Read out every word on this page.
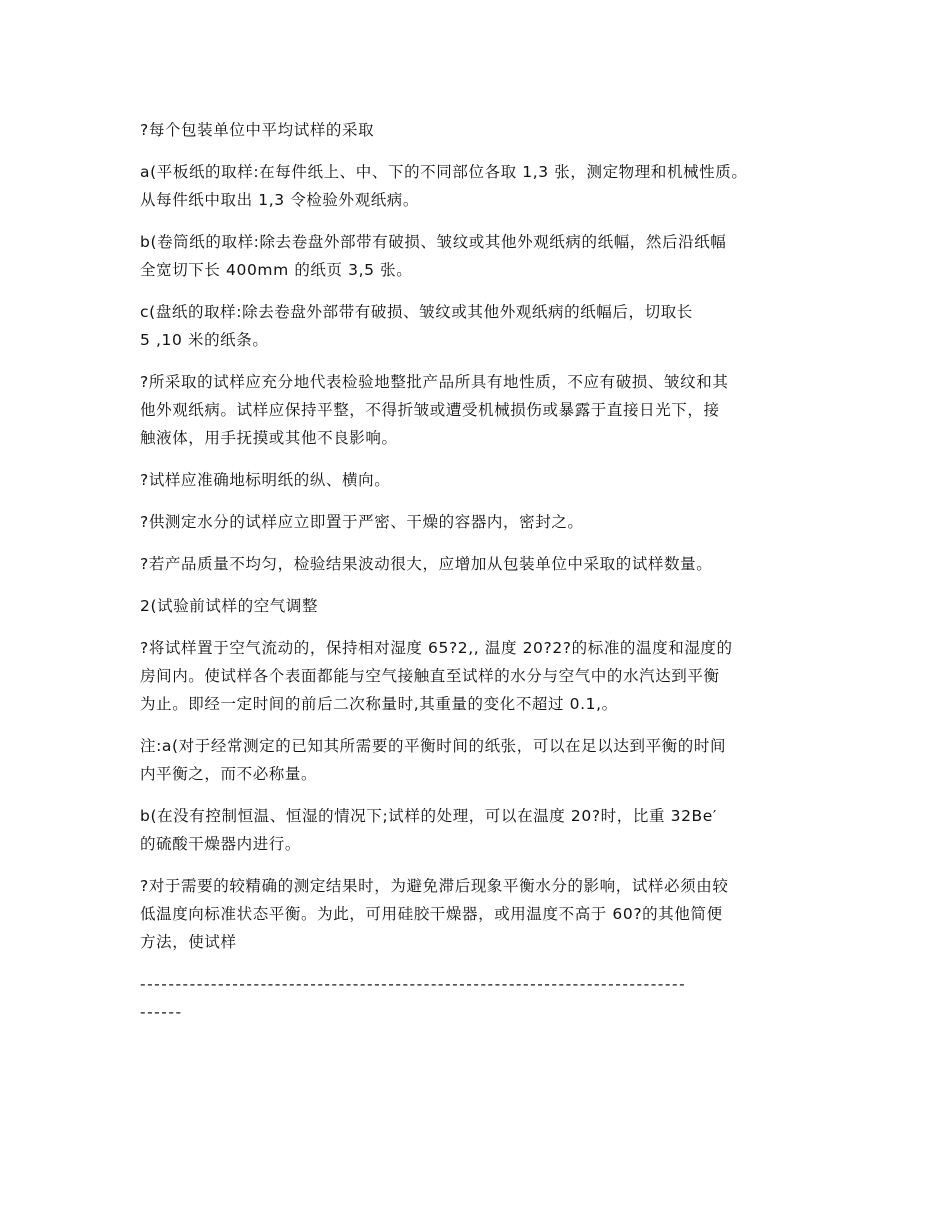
?每个包装单位中平均试样的采取

a(平板纸的取样:在每件纸上、中、下的不同部位各取 1,3 张，测定物理和机械性质。
从每件纸中取出 1,3 令检验外观纸病。

b(卷筒纸的取样:除去卷盘外部带有破损、皱纹或其他外观纸病的纸幅，然后沿纸幅
全宽切下长 400mm 的纸页 3,5 张。

c(盘纸的取样:除去卷盘外部带有破损、皱纹或其他外观纸病的纸幅后，切取长
5 ,10 米的纸条。

?所采取的试样应充分地代表检验地整批产品所具有地性质，不应有破损、皱纹和其
他外观纸病。试样应保持平整，不得折皱或遭受机械损伤或暴露于直接日光下，接
触液体，用手抚摸或其他不良影响。

?试样应准确地标明纸的纵、横向。

?供测定水分的试样应立即置于严密、干燥的容器内，密封之。

?若产品质量不均匀，检验结果波动很大，应增加从包装单位中采取的试样数量。

2(试验前试样的空气调整

?将试样置于空气流动的，保持相对湿度 65?2,, 温度 20?2?的标准的温度和湿度的
房间内。使试样各个表面都能与空气接触直至试样的水分与空气中的水汽达到平衡
为止。即经一定时间的前后二次称量时,其重量的变化不超过 0.1,。

注:a(对于经常测定的已知其所需要的平衡时间的纸张，可以在足以达到平衡的时间
内平衡之，而不必称量。

b(在没有控制恒温、恒湿的情况下;试样的处理，可以在温度 20?时，比重 32Be′
的硫酸干燥器内进行。

?对于需要的较精确的测定结果时，为避免滞后现象平衡水分的影响，试样必须由较
低温度向标准状态平衡。为此，可用硅胶干燥器，或用温度不高于 60?的其他简便
方法，使试样

-----------------------------------------------------------------------------
------
